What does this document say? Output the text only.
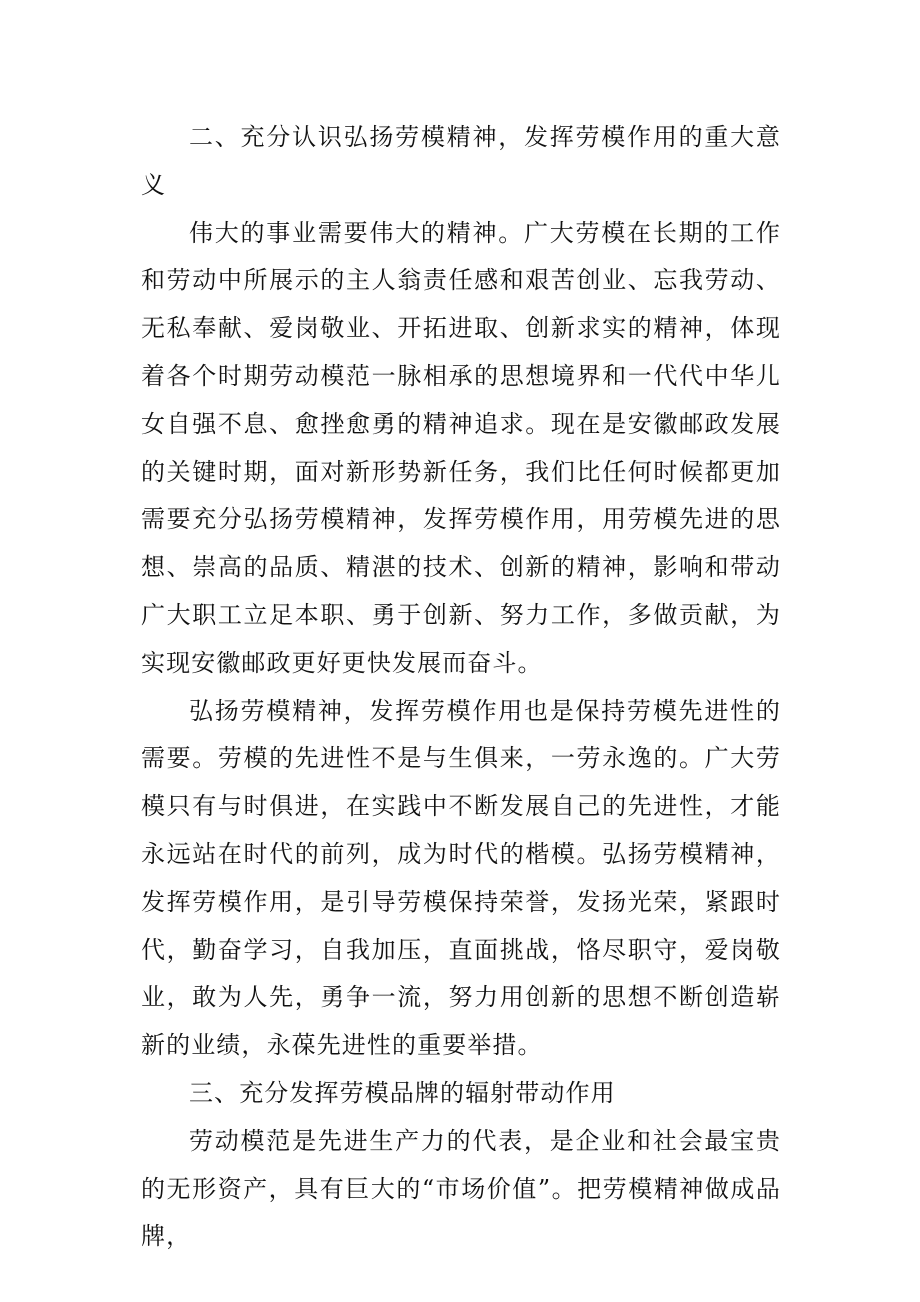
二、充分认识弘扬劳模精神，发挥劳模作用的重大意义

伟大的事业需要伟大的精神。广大劳模在长期的工作和劳动中所展示的主人翁责任感和艰苦创业、忘我劳动、无私奉献、爱岗敬业、开拓进取、创新求实的精神，体现着各个时期劳动模范一脉相承的思想境界和一代代中华儿女自强不息、愈挫愈勇的精神追求。现在是安徽邮政发展的关键时期，面对新形势新任务，我们比任何时候都更加需要充分弘扬劳模精神，发挥劳模作用，用劳模先进的思想、崇高的品质、精湛的技术、创新的精神，影响和带动广大职工立足本职、勇于创新、努力工作，多做贡献，为实现安徽邮政更好更快发展而奋斗。

弘扬劳模精神，发挥劳模作用也是保持劳模先进性的需要。劳模的先进性不是与生俱来，一劳永逸的。广大劳模只有与时俱进，在实践中不断发展自己的先进性，才能永远站在时代的前列，成为时代的楷模。弘扬劳模精神，发挥劳模作用，是引导劳模保持荣誉，发扬光荣，紧跟时代，勤奋学习，自我加压，直面挑战，恪尽职守，爱岗敬业，敢为人先，勇争一流，努力用创新的思想不断创造崭新的业绩，永葆先进性的重要举措。

三、充分发挥劳模品牌的辐射带动作用

劳动模范是先进生产力的代表，是企业和社会最宝贵的无形资产，具有巨大的“市场价值”。把劳模精神做成品牌，
